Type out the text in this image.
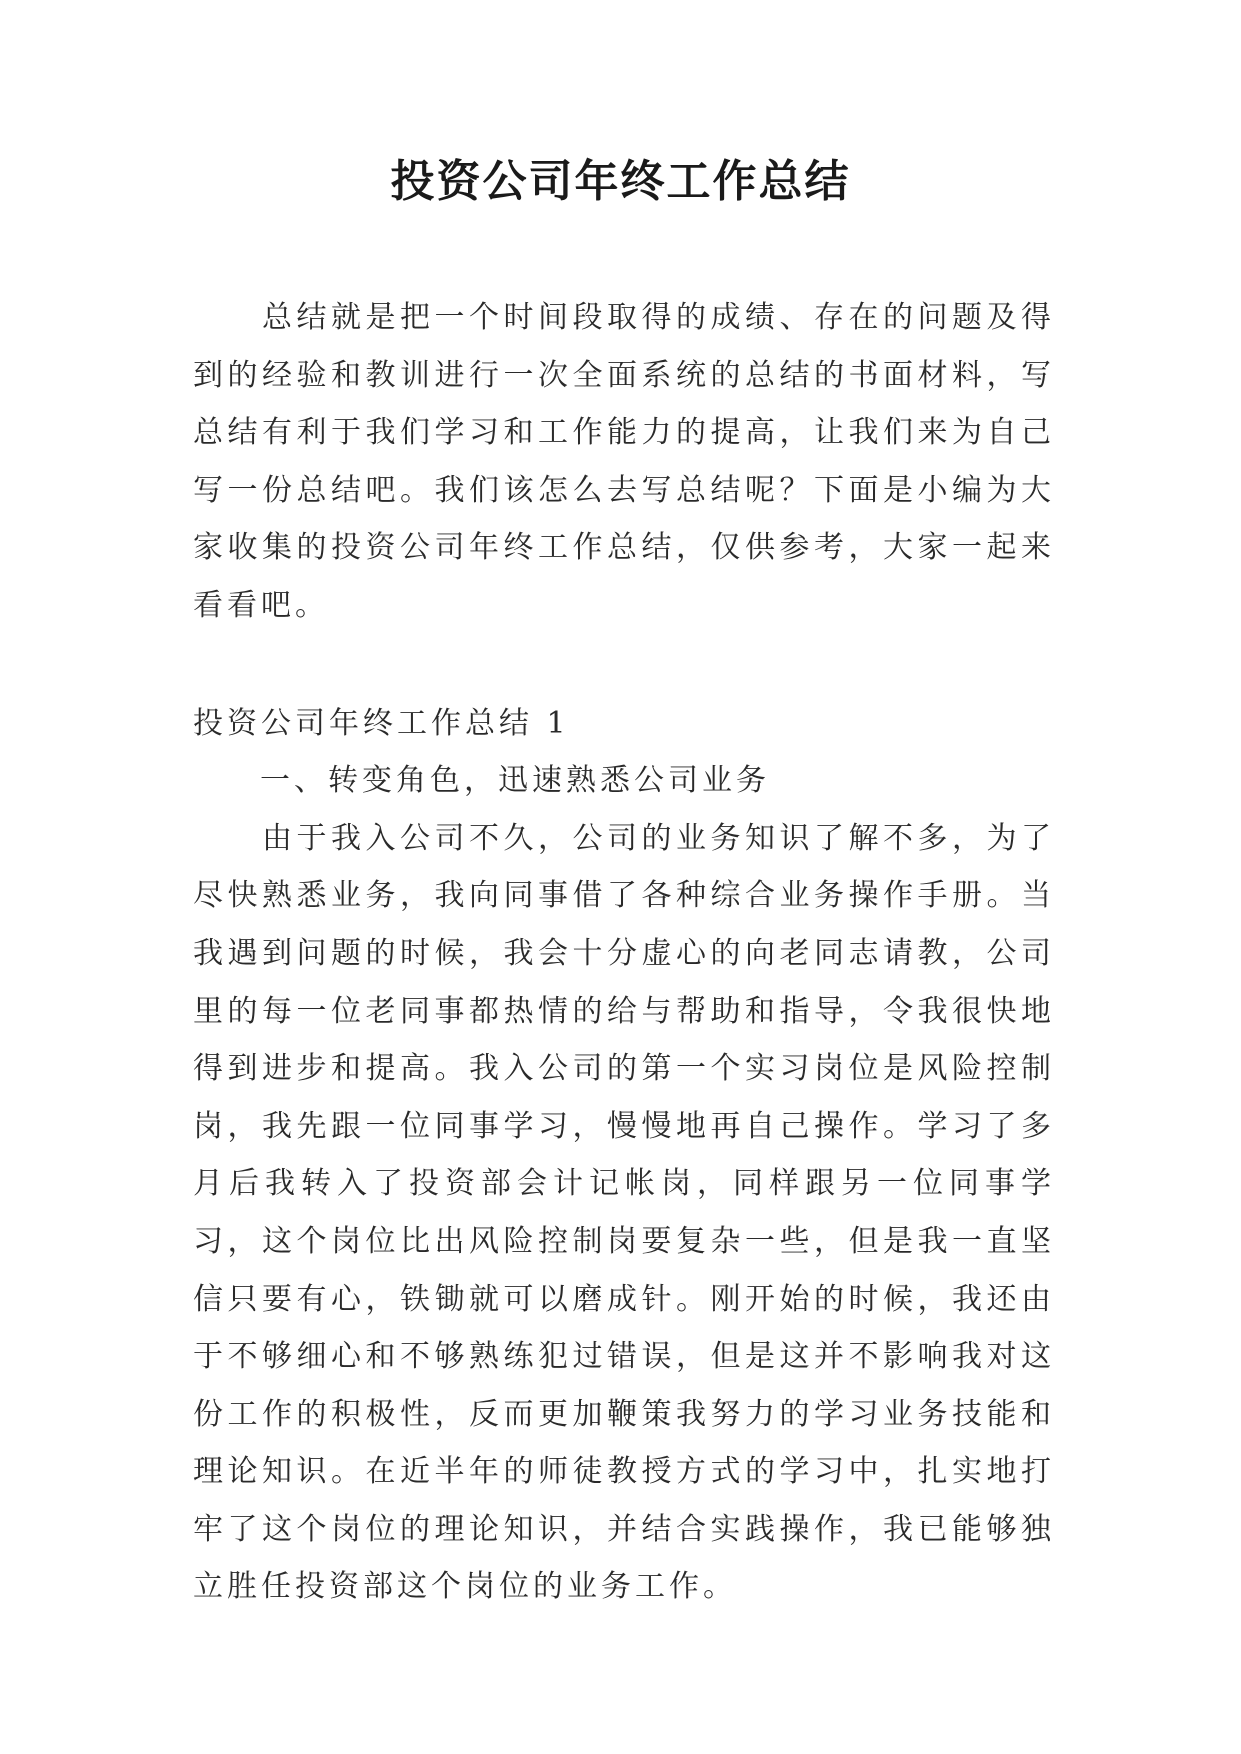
投资公司年终工作总结

总结就是把一个时间段取得的成绩、存在的问题及得到的经验和教训进行一次全面系统的总结的书面材料，写总结有利于我们学习和工作能力的提高，让我们来为自己写一份总结吧。我们该怎么去写总结呢？下面是小编为大家收集的投资公司年终工作总结，仅供参考，大家一起来看看吧。

投资公司年终工作总结 1

一、转变角色，迅速熟悉公司业务

由于我入公司不久，公司的业务知识了解不多，为了尽快熟悉业务，我向同事借了各种综合业务操作手册。当我遇到问题的时候，我会十分虚心的向老同志请教，公司里的每一位老同事都热情的给与帮助和指导，令我很快地得到进步和提高。我入公司的第一个实习岗位是风险控制岗，我先跟一位同事学习，慢慢地再自己操作。学习了多月后我转入了投资部会计记帐岗，同样跟另一位同事学习，这个岗位比出风险控制岗要复杂一些，但是我一直坚信只要有心，铁锄就可以磨成针。刚开始的时候，我还由于不够细心和不够熟练犯过错误，但是这并不影响我对这份工作的积极性，反而更加鞭策我努力的学习业务技能和理论知识。在近半年的师徒教授方式的学习中，扎实地打牢了这个岗位的理论知识，并结合实践操作，我已能够独立胜任投资部这个岗位的业务工作。
